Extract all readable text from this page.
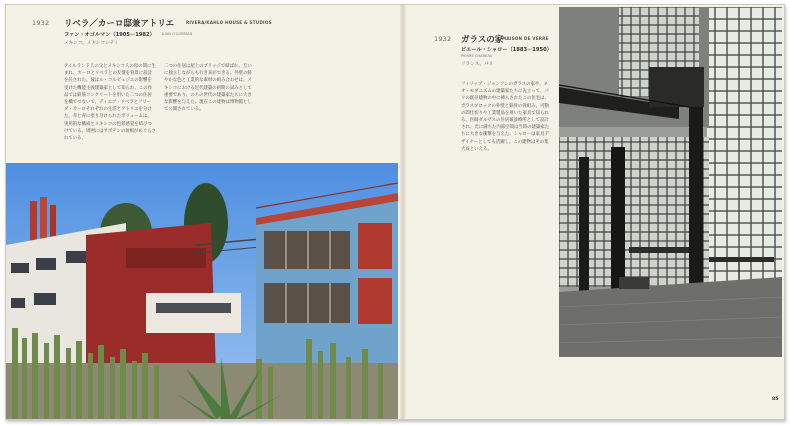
1932 リベラ／カーロ邸兼アトリエ	RIVERA/KAHLO HOUSE & STUDIOS
ファン・オゴルマン（1905－1982） JUAN O'GORMAN
メキシコ、メキシコシティ
アイルランド人の父とメキシコ人の母の間に生まれ、カーロとリベラとの友情を背景に設計を任された。彼はル・コルビュジエの影響を受けた機能主義建築家として知られ、この作品では鉄筋コンクリートを用いた二つの住居を橋でつないで、ディエゴ・リベラとフリーダ・カーロそれぞれの生活とアトリエを分けた。赤と青に塗り分けられたボリュームは、実用的な構成とメキシコの色彩感覚を結びつけている。周囲にはサボテンの垣根がめぐらされている。
二つの住居は屋上のブリッジで結ばれ、互いに独立しながらも行き来ができる。外壁の鮮やかな色と工業的な素材の組み合わせは、メキシコにおける近代建築の初期の試みとして重要であり、のちの世代の建築家たちに大きな影響を与えた。現在この建物は博物館として公開されている。
1932 ガラスの家
MAISON DE VERRE
ピエール・シャロー（1883－1950）
PIERRE CHAREAU
フランス、パリ
フィリップ・ジョンソンのガラスの家や、ネオ・モダニズムの建築家たちに先立って、パリの既存建物の中に挿入されたこの住宅は、ガラスブロックの外壁と鉄骨の骨組み、可動の間仕切りや工業製品を用いた家具で知られる。医師ダルザスの住居兼診療所として設計され、光に満ちた内部空間は当時の建築家たちに大きな衝撃を与えた。シャローは家具デザイナーとしても活躍し、この建物はその集大成といえる。
85
